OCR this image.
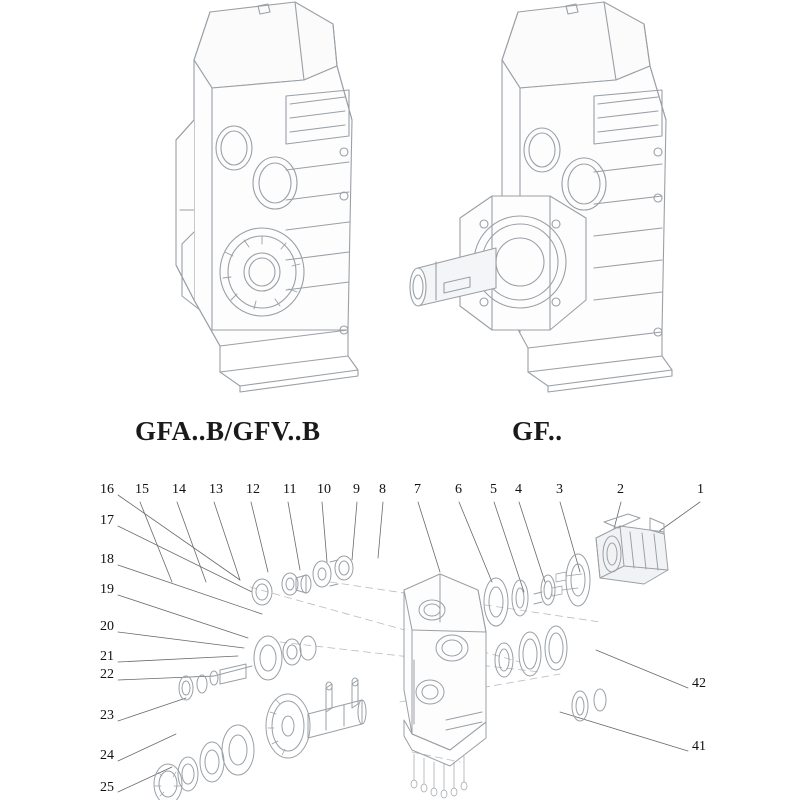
GFA..B/GFV..B	GF..
16
17
18
19
20
21
22
23
24
25
15 14 13 12 11 10 9 8 7 6 5 4 3	2	1
42
41
